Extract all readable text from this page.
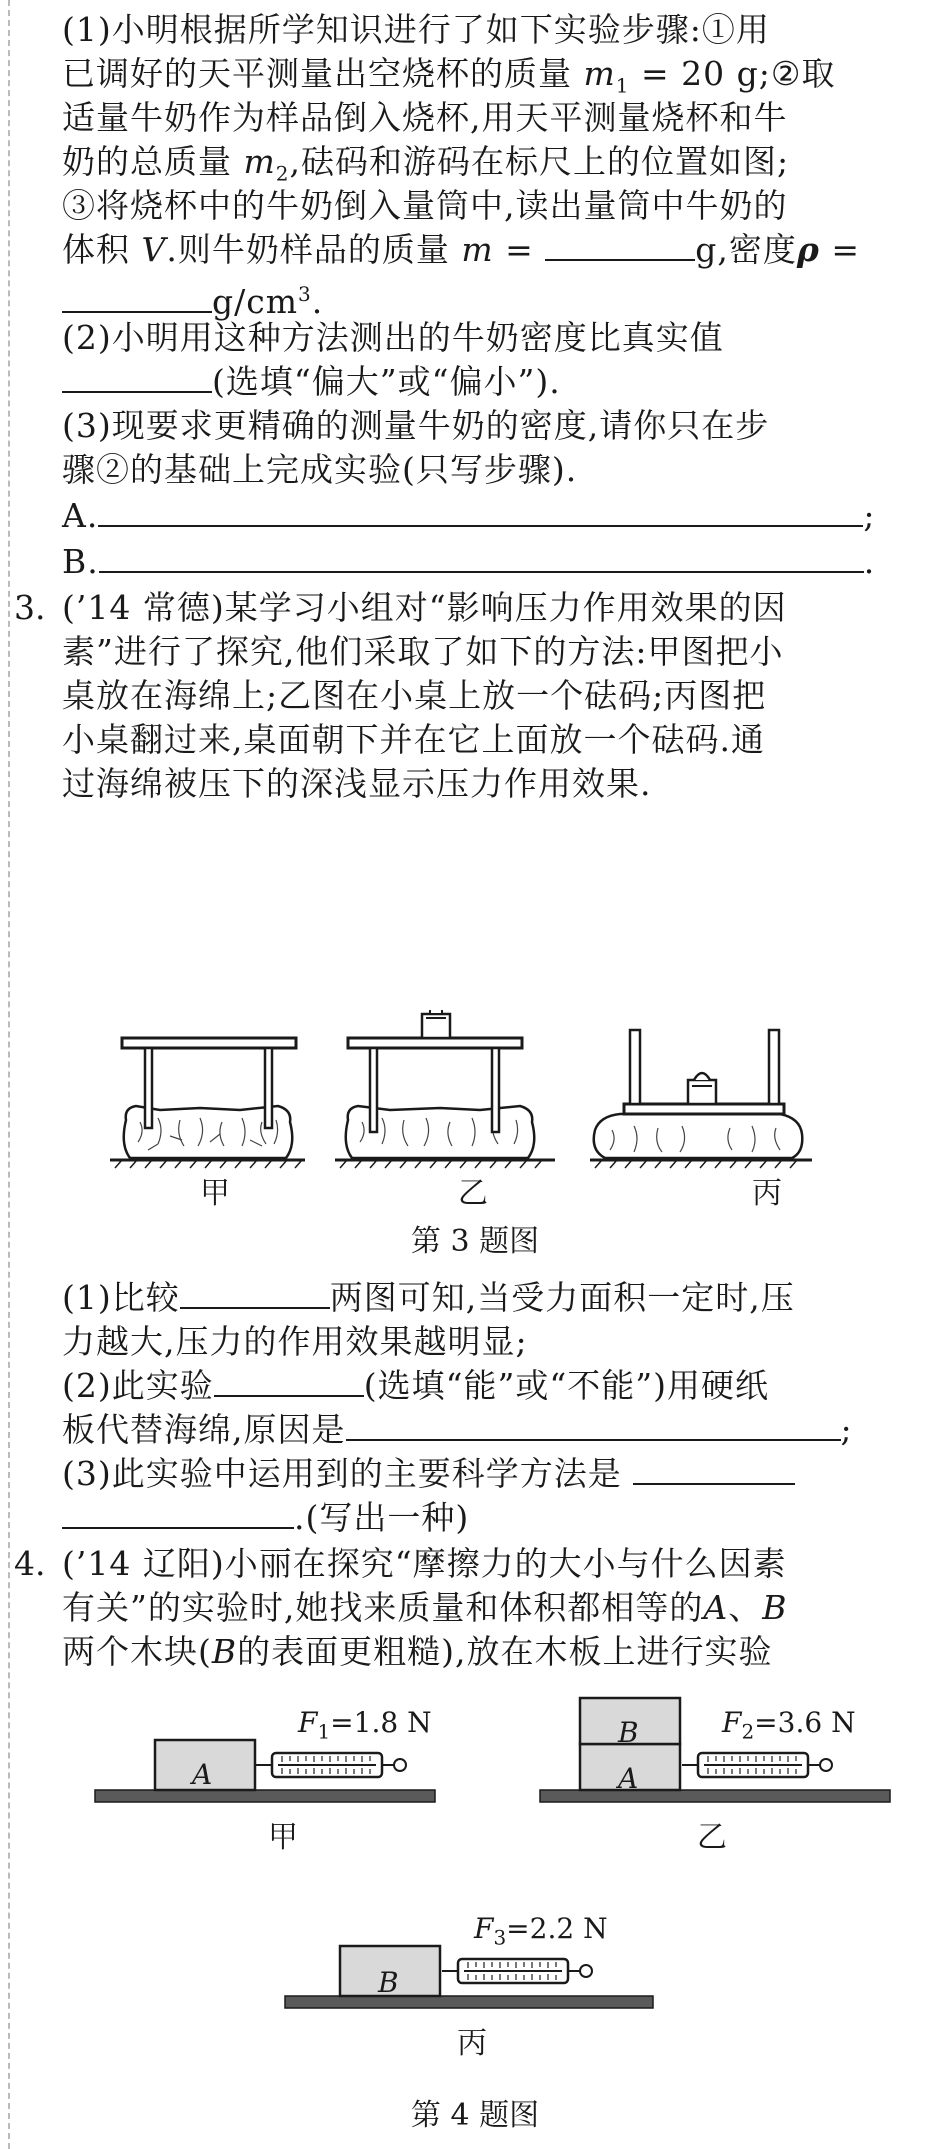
(1)小明根据所学知识进行了如下实验步骤:①用
已调好的天平测量出空烧杯的质量 $m_1 = 20$ g;②取
适量牛奶作为样品倒入烧杯,用天平测量烧杯和牛
奶的总质量 $m_2$,砝码和游码在标尺上的位置如图;
③将烧杯中的牛奶倒入量筒中,读出量筒中牛奶的
体积 V.则牛奶样品的质量 m =	g,密度ρ =
$g/cm^3$.
(2)小明用这种方法测出的牛奶密度比真实值
(选填“偏大”或“偏小”).
(3)现要求更精确的测量牛奶的密度,请你只在步
骤②的基础上完成实验(只写步骤).
A.	;
B.	.
3. (’14 常德)某学习小组对“影响压力作用效果的因
素”进行了探究,他们采取了如下的方法:甲图把小
桌放在海绵上;乙图在小桌上放一个砝码;丙图把
小桌翻过来,桌面朝下并在它上面放一个砝码.通
过海绵被压下的深浅显示压力作用效果.
甲	乙	丙
第 3 题图
(1)比较	两图可知,当受力面积一定时,压
力越大,压力的作用效果越明显;
(2)此实验	(选填“能”或“不能”)用硬纸
板代替海绵,原因是	;
(3)此实验中运用到的主要科学方法是
.(写出一种)
4. (’14 辽阳)小丽在探究“摩擦力的大小与什么因素
有关”的实验时,她找来质量和体积都相等的A、B
两个木块(B的表面更粗糙),放在木板上进行实验
A
B
A
B
$F_1=1.8$ N	$F_2=3.6$ N
$F_3=2.2$ N
甲	乙
丙
第 4 题图
